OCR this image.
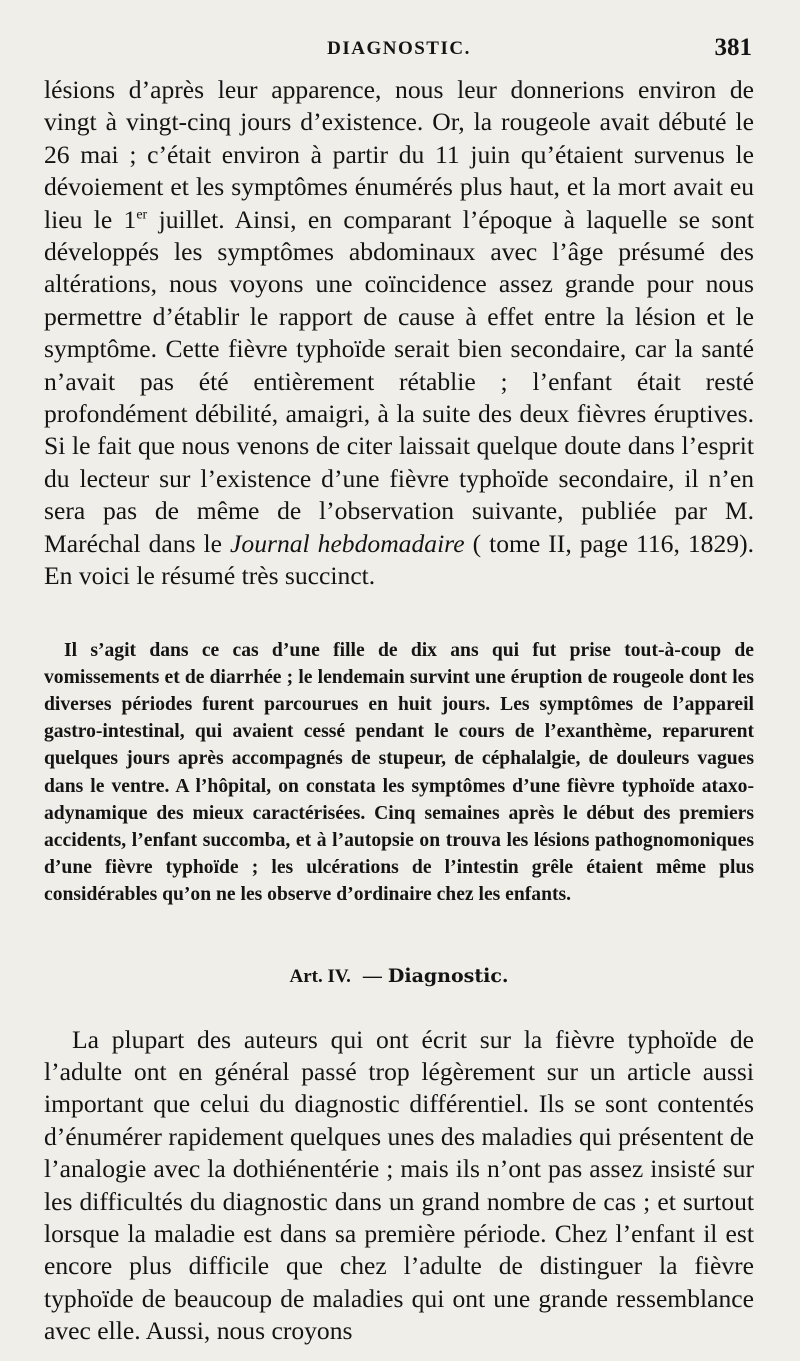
DIAGNOSTIC.	381

lésions d’après leur apparence, nous leur donnerions environ de vingt à vingt-cinq jours d’existence. Or, la rougeole avait débuté le 26 mai ; c’était environ à partir du 11 juin qu’étaient survenus le dévoiement et les symptômes énumérés plus haut, et la mort avait eu lieu le 1er juillet. Ainsi, en comparant l’époque à laquelle se sont développés les symptômes abdominaux avec l’âge présumé des altérations, nous voyons une coïncidence assez grande pour nous permettre d’établir le rapport de cause à effet entre la lésion et le symptôme. Cette fièvre typhoïde serait bien secondaire, car la santé n’avait pas été entièrement rétablie ; l’enfant était resté profondément débilité, amaigri, à la suite des deux fièvres éruptives. Si le fait que nous venons de citer laissait quelque doute dans l’esprit du lecteur sur l’existence d’une fièvre typhoïde secondaire, il n’en sera pas de même de l’observation suivante, publiée par M. Maréchal dans le Journal hebdomadaire ( tome II, page 116, 1829). En voici le résumé très succinct.

Il s’agit dans ce cas d’une fille de dix ans qui fut prise tout-à-coup de vomissements et de diarrhée ; le lendemain survint une éruption de rougeole dont les diverses périodes furent parcourues en huit jours. Les symptômes de l’appareil gastro-intestinal, qui avaient cessé pendant le cours de l’exanthème, reparurent quelques jours après accompagnés de stupeur, de céphalalgie, de douleurs vagues dans le ventre. A l’hôpital, on constata les symptômes d’une fièvre typhoïde ataxo-adynamique des mieux caractérisées. Cinq semaines après le début des premiers accidents, l’enfant succomba, et à l’autopsie on trouva les lésions pathognomoniques d’une fièvre typhoïde ; les ulcérations de l’intestin grêle étaient même plus considérables qu’on ne les observe d’ordinaire chez les enfants.

Art. IV. — Diagnostic.

La plupart des auteurs qui ont écrit sur la fièvre typhoïde de l’adulte ont en général passé trop légèrement sur un article aussi important que celui du diagnostic différentiel. Ils se sont contentés d’énumérer rapidement quelques unes des maladies qui présentent de l’analogie avec la dothiénentérie ; mais ils n’ont pas assez insisté sur les difficultés du diagnostic dans un grand nombre de cas ; et surtout lorsque la maladie est dans sa première période. Chez l’enfant il est encore plus difficile que chez l’adulte de distinguer la fièvre typhoïde de beaucoup de maladies qui ont une grande ressemblance avec elle. Aussi, nous croyons
